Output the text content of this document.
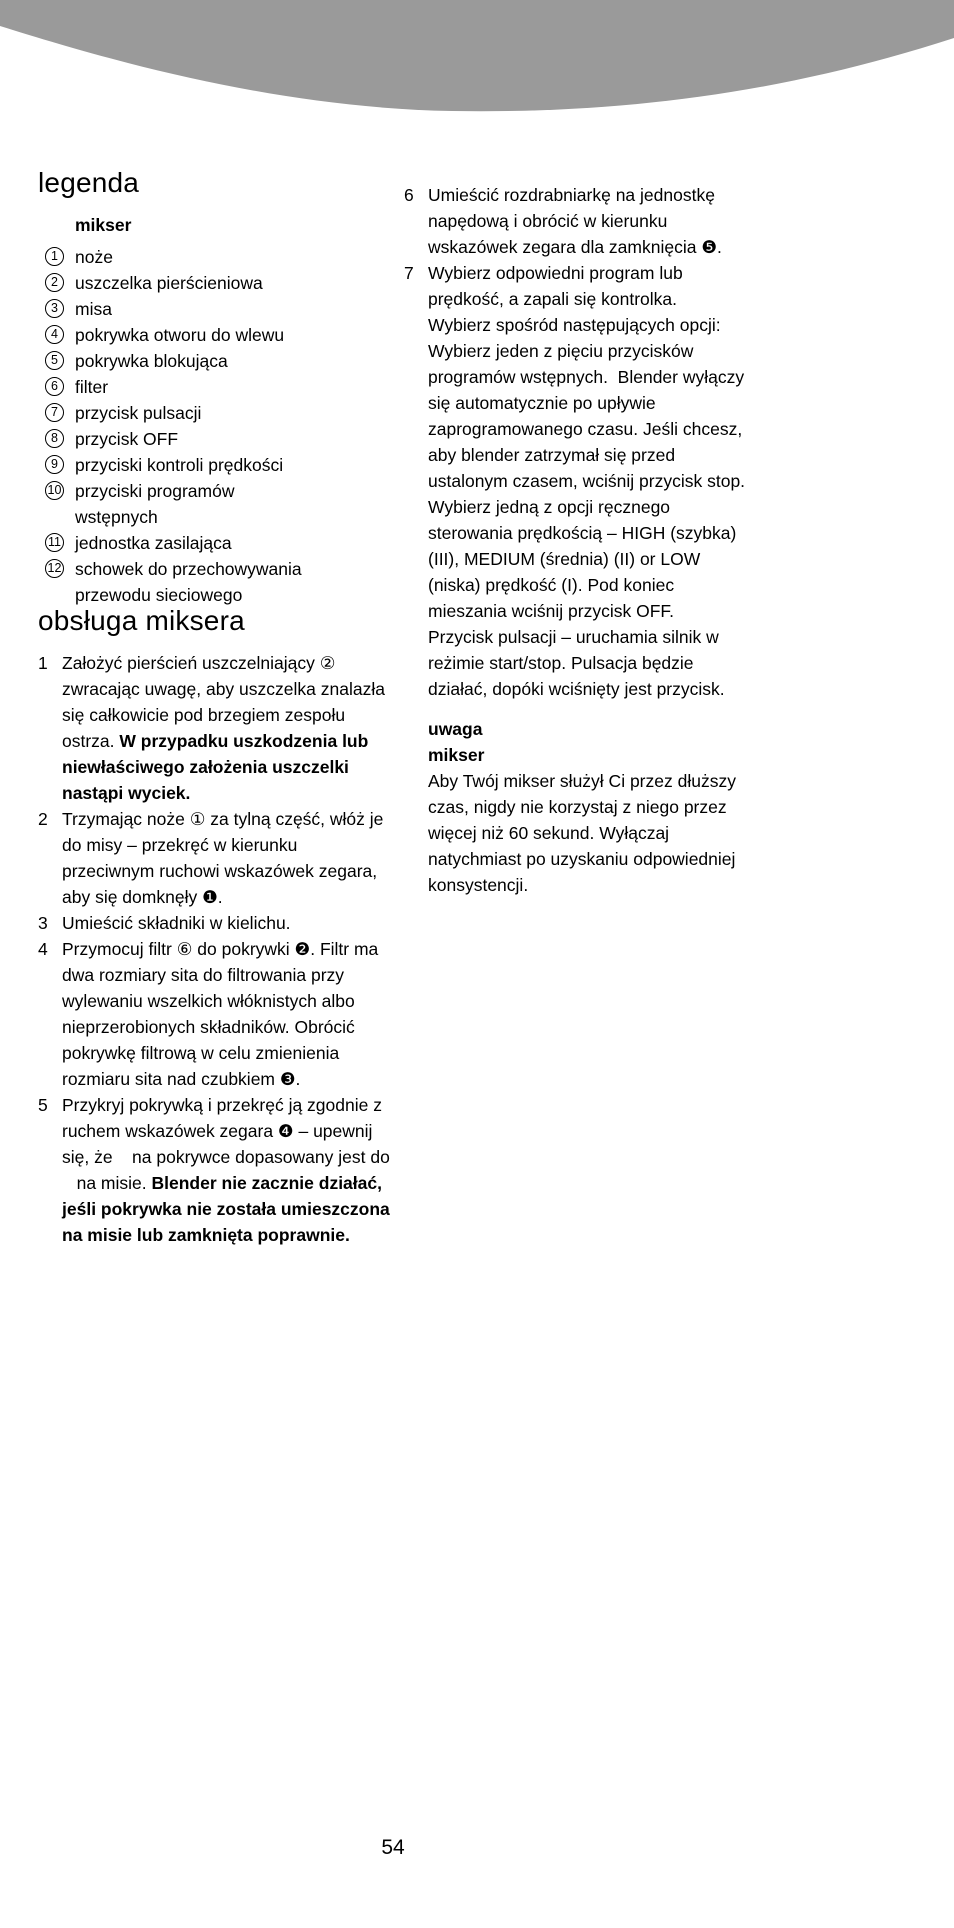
legenda
mikser
1 noże
2 uszczelka pierścieniowa
3 misa
4 pokrywka otworu do wlewu
5 pokrywka blokująca
6 filter
7 przycisk pulsacji
8 przycisk OFF
9 przyciski kontroli prędkości
10 przyciski programów wstępnych
11 jednostka zasilająca
12 schowek do przechowywania przewodu sieciowego
obsługa miksera
1 Założyć pierścień uszczelniający ② zwracając uwagę, aby uszczelka znalazła się całkowicie pod brzegiem zespołu ostrza. W przypadku uszkodzenia lub niewłaściwego założenia uszczelki nastąpi wyciek.
2 Trzymając noże ① za tylną część, włóż je do misy – przekręć w kierunku przeciwnym ruchowi wskazówek zegara, aby się domknęły ❶.
3 Umieścić składniki w kielichu.
4 Przymocuj filtr ⑥ do pokrywki ❷. Filtr ma dwa rozmiary sita do filtrowania przy wylewaniu wszelkich włóknistych albo nieprzerobionych składników. Obrócić pokrywkę filtrową w celu zmienienia rozmiaru sita nad czubkiem ❸.
5 Przykryj pokrywką i przekręć ją zgodnie z ruchem wskazówek zegara ❹ – upewnij się, że    na pokrywce dopasowany jest do    na misie. Blender nie zacznie działać, jeśli pokrywka nie została umieszczona na misie lub zamknięta poprawnie.
6 Umieścić rozdrabniarkę na jednostkę napędową i obrócić w kierunku wskazówek zegara dla zamknięcia ❺.
7 Wybierz odpowiedni program lub prędkość, a zapali się kontrolka.
Wybierz spośród następujących opcji:
Wybierz jeden z pięciu przycisków programów wstępnych.  Blender wyłączy się automatycznie po upływie zaprogramowanego czasu. Jeśli chcesz, aby blender zatrzymał się przed ustalonym czasem, wciśnij przycisk stop.
Wybierz jedną z opcji ręcznego sterowania prędkością – HIGH (szybka) (III), MEDIUM (średnia) (II) or LOW (niska) prędkość (I). Pod koniec mieszania wciśnij przycisk OFF.
Przycisk pulsacji – uruchamia silnik w reżimie start/stop. Pulsacja będzie działać, dopóki wciśnięty jest przycisk.
uwaga
mikser
Aby Twój mikser służył Ci przez dłuższy czas, nigdy nie korzystaj z niego przez więcej niż 60 sekund. Wyłączaj natychmiast po uzyskaniu odpowiedniej konsystencji.
54
